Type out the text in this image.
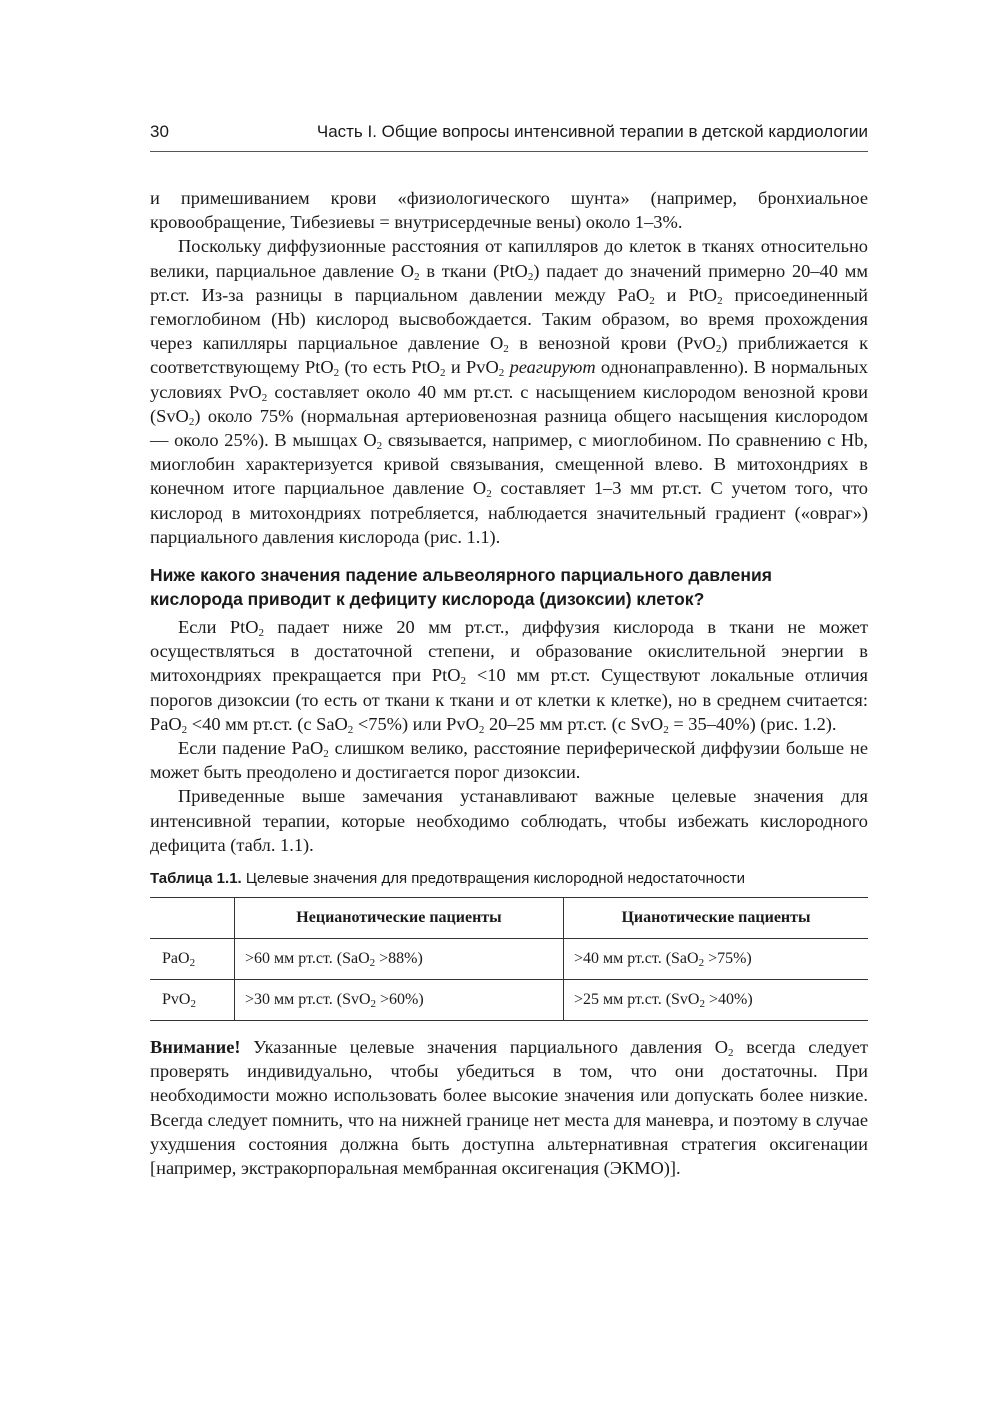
30	Часть I. Общие вопросы интенсивной терапии в детской кардиологии

и примешиванием крови «физиологического шунта» (например, бронхиальное кровообращение, Тибезиевы = внутрисердечные вены) около 1–3%.

Поскольку диффузионные расстояния от капилляров до клеток в тканях относительно велики, парциальное давление $O_2$ в ткани (PtO$_2$) падает до значений примерно 20–40 мм рт.ст. Из-за разницы в парциальном давлении между PaO$_2$ и PtO$_2$ присоединенный гемоглобином (Hb) кислород высвобождается. Таким образом, во время прохождения через капилляры парциальное давление $O_2$ в венозной крови (PvO$_2$) приближается к соответствующему PtO$_2$ (то есть PtO$_2$ и PvO$_2$ реагируют однонаправленно). В нормальных условиях PvO$_2$ составляет около 40 мм рт.ст. с насыщением кислородом венозной крови (SvO$_2$) около 75% (нормальная артериовенозная разница общего насыщения кислородом — около 25%). В мышцах $O_2$ связывается, например, с миоглобином. По сравнению с Hb, миоглобин характеризуется кривой связывания, смещенной влево. В митохондриях в конечном итоге парциальное давление $O_2$ составляет 1–3 мм рт.ст. С учетом того, что кислород в митохондриях потребляется, наблюдается значительный градиент («овраг») парциального давления кислорода (рис. 1.1).

Ниже какого значения падение альвеолярного парциального давления кислорода приводит к дефициту кислорода (дизоксии) клеток?

Если PtO$_2$ падает ниже 20 мм рт.ст., диффузия кислорода в ткани не может осуществляться в достаточной степени, и образование окислительной энергии в митохондриях прекращается при PtO$_2$ <10 мм рт.ст. Существуют локальные отличия порогов дизоксии (то есть от ткани к ткани и от клетки к клетке), но в среднем считается: PaO$_2$ <40 мм рт.ст. (с SaO$_2$ <75%) или PvO$_2$ 20–25 мм рт.ст. (с SvO$_2$ = 35–40%) (рис. 1.2).

Если падение PaO$_2$ слишком велико, расстояние периферической диффузии больше не может быть преодолено и достигается порог дизоксии.

Приведенные выше замечания устанавливают важные целевые значения для интенсивной терапии, которые необходимо соблюдать, чтобы избежать кислородного дефицита (табл. 1.1).

Таблица 1.1. Целевые значения для предотвращения кислородной недостаточности
	Нецианотические пациенты	Цианотические пациенты
PaO$_2$	>60 мм рт.ст. (SaO$_2$ >88%)	>40 мм рт.ст. (SaO$_2$ >75%)
PvO$_2$	>30 мм рт.ст. (SvO$_2$ >60%)	>25 мм рт.ст. (SvO$_2$ >40%)

Внимание! Указанные целевые значения парциального давления $O_2$ всегда следует проверять индивидуально, чтобы убедиться в том, что они достаточны. При необходимости можно использовать более высокие значения или допускать более низкие. Всегда следует помнить, что на нижней границе нет места для маневра, и поэтому в случае ухудшения состояния должна быть доступна альтернативная стратегия оксигенации [например, экстракорпоральная мембранная оксигенация (ЭКМО)].
